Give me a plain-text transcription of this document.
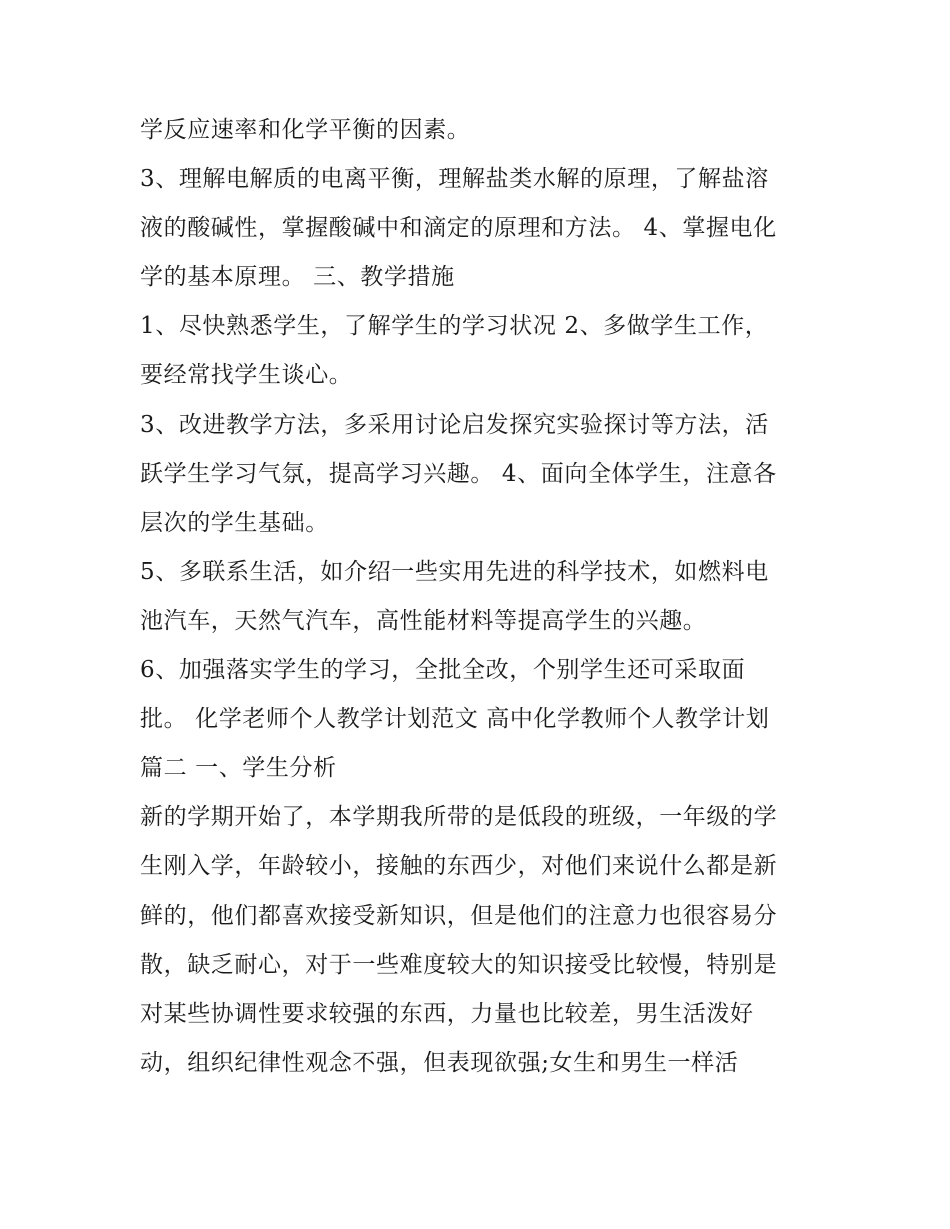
学反应速率和化学平衡的因素。
3、理解电解质的电离平衡，理解盐类水解的原理，了解盐溶
液的酸碱性，掌握酸碱中和滴定的原理和方法。 4、掌握电化
学的基本原理。 三、教学措施
1、尽快熟悉学生，了解学生的学习状况 2、多做学生工作，
要经常找学生谈心。
3、改进教学方法，多采用讨论启发探究实验探讨等方法，活
跃学生学习气氛，提高学习兴趣。 4、面向全体学生，注意各
层次的学生基础。
5、多联系生活，如介绍一些实用先进的科学技术，如燃料电
池汽车，天然气汽车，高性能材料等提高学生的兴趣。
6、加强落实学生的学习，全批全改，个别学生还可采取面
批。 化学老师个人教学计划范文 高中化学教师个人教学计划
篇二 一、学生分析
新的学期开始了，本学期我所带的是低段的班级，一年级的学
生刚入学，年龄较小，接触的东西少，对他们来说什么都是新
鲜的，他们都喜欢接受新知识，但是他们的注意力也很容易分
散，缺乏耐心，对于一些难度较大的知识接受比较慢，特别是
对某些协调性要求较强的东西，力量也比较差，男生活泼好
动，组织纪律性观念不强，但表现欲强;女生和男生一样活
